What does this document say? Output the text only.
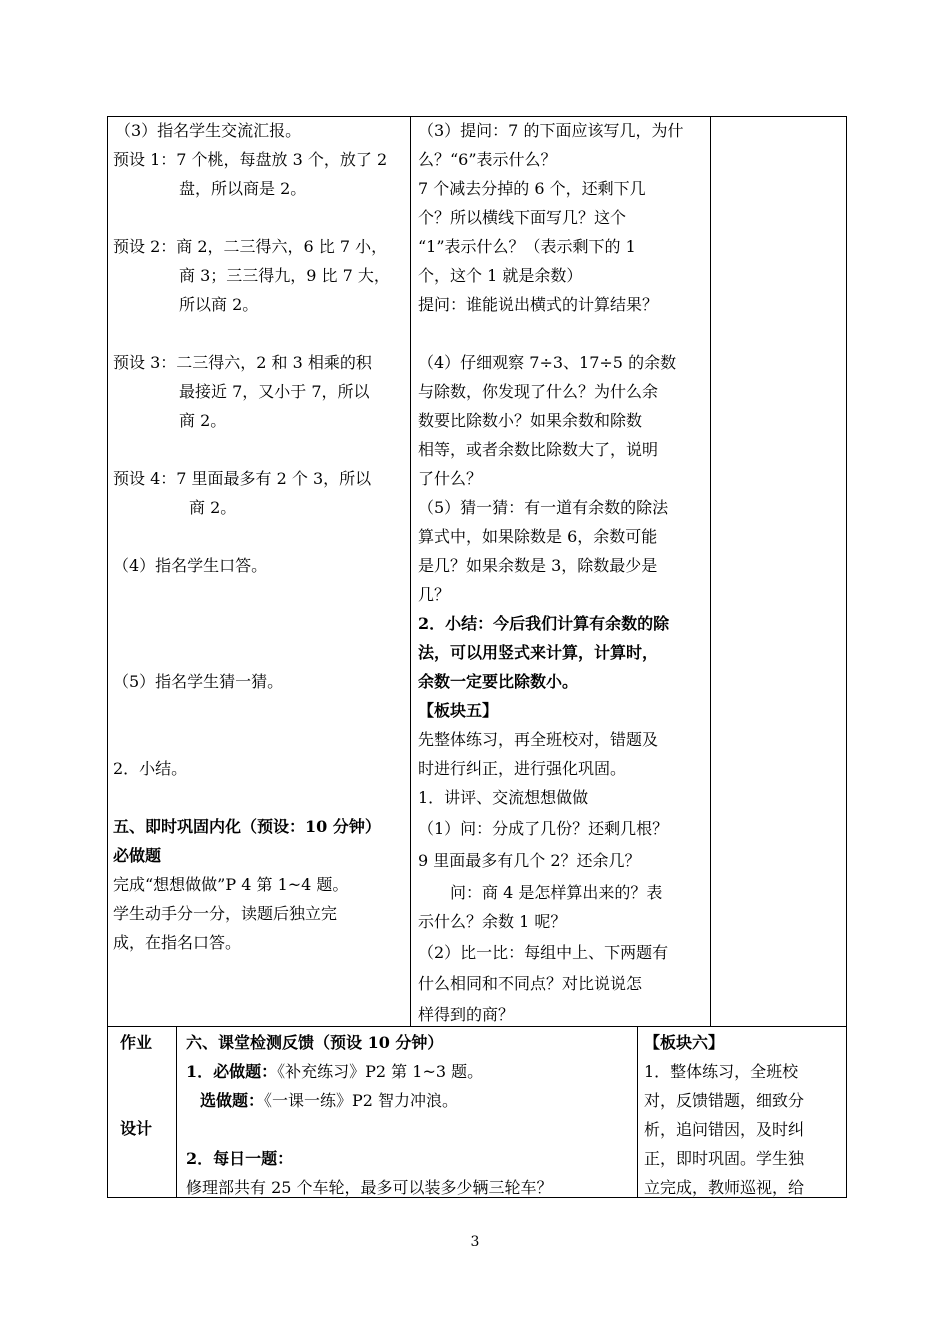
（3）指名学生交流汇报。
预设 1：7 个桃，每盘放 3 个，放了 2
盘，所以商是 2。
预设 2：商 2，二三得六，6 比 7 小，
商 3；三三得九，9 比 7 大，
所以商 2。
预设 3：二三得六，2 和 3 相乘的积
最接近 7，又小于 7，所以
商 2。
预设 4：7 里面最多有 2 个 3，所以
商 2。
（4）指名学生口答。
（5）指名学生猜一猜。
2．小结。
五、即时巩固内化（预设：10 分钟）
必做题
完成“想想做做”P 4 第 1~4 题。
学生动手分一分，读题后独立完
成，在指名口答。
（3）提问：7 的下面应该写几，为什
么？“6”表示什么？
7 个减去分掉的 6 个，还剩下几
个？所以横线下面写几？这个
“1”表示什么？（表示剩下的 1
个，这个 1 就是余数）
提问：谁能说出横式的计算结果？
（4）仔细观察 7÷3、17÷5 的余数
与除数，你发现了什么？为什么余
数要比除数小？如果余数和除数
相等，或者余数比除数大了，说明
了什么？
（5）猜一猜：有一道有余数的除法
算式中，如果除数是 6，余数可能
是几？如果余数是 3，除数最少是
几？
2．小结：今后我们计算有余数的除
法，可以用竖式来计算，计算时，
余数一定要比除数小。
【板块五】
先整体练习，再全班校对，错题及
时进行纠正，进行强化巩固。
1．讲评、交流想想做做
（1）问：分成了几份？还剩几根？
9 里面最多有几个 2？还余几？
问：商 4 是怎样算出来的？表
示什么？余数 1 呢？
（2）比一比：每组中上、下两题有
什么相同和不同点？对比说说怎
样得到的商？
作业
设计
六、课堂检测反馈（预设 10 分钟）
1．必做题：《补充练习》P2 第 1~3 题。
选做题：《一课一练》P2 智力冲浪。
2．每日一题：
修理部共有 25 个车轮，最多可以装多少辆三轮车？
【板块六】
1．整体练习，全班校
对，反馈错题，细致分
析，追问错因，及时纠
正，即时巩固。学生独
立完成，教师巡视，给
3
